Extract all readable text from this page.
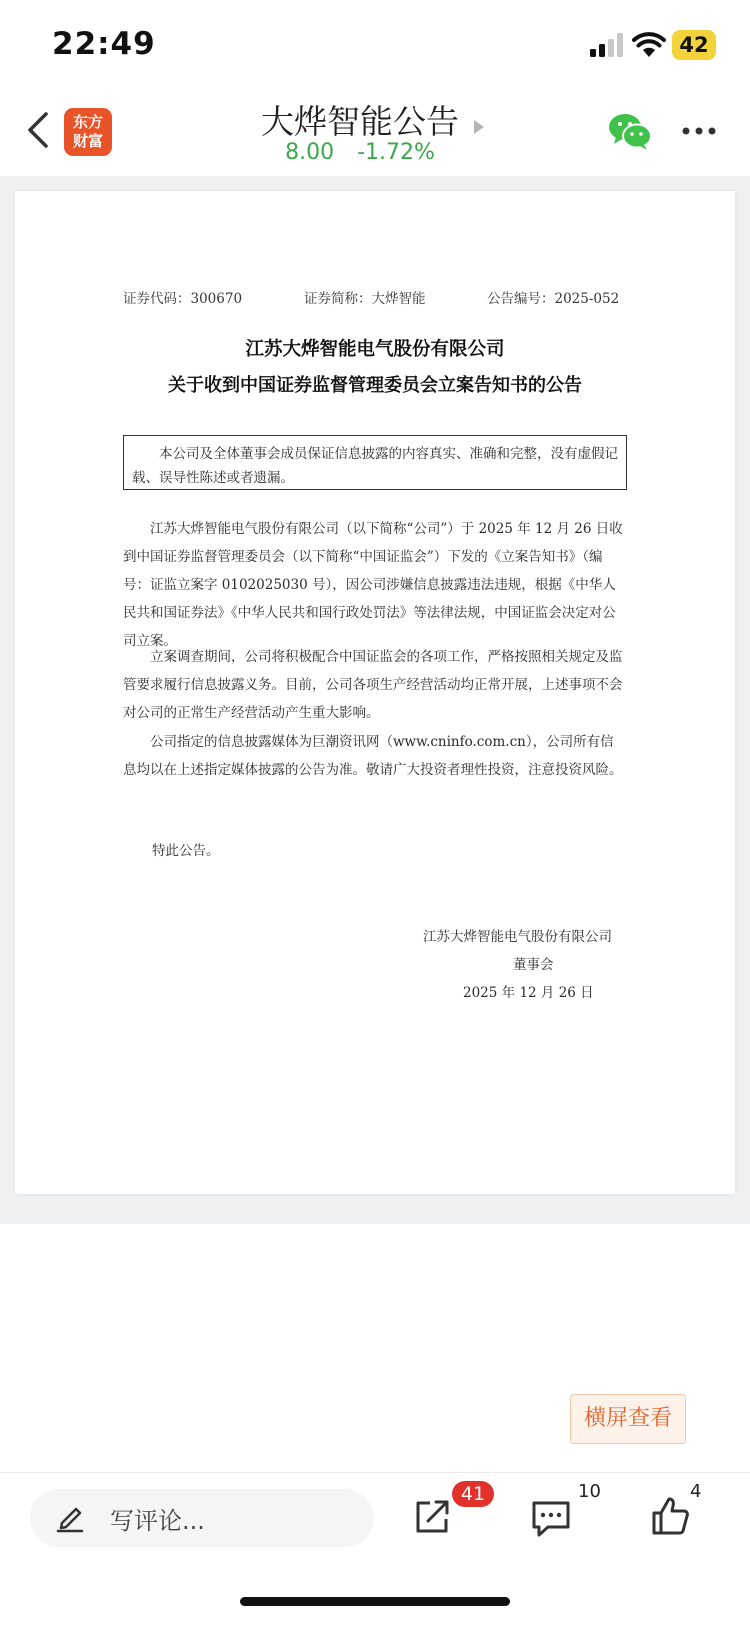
22:49	42
东方
财富	大烨智能公告
8.00 -1.72%
证券代码：300670	证券简称：大烨智能	公告编号：2025-052
江苏大烨智能电气股份有限公司
关于收到中国证券监督管理委员会立案告知书的公告
本公司及全体董事会成员保证信息披露的内容真实、准确和完整，没有虚假记载、误导性陈述或者遗漏。
江苏大烨智能电气股份有限公司（以下简称“公司”）于 2025 年 12 月 26 日收到中国证券监督管理委员会（以下简称“中国证监会”）下发的《立案告知书》（编号：证监立案字 0102025030 号），因公司涉嫌信息披露违法违规，根据《中华人民共和国证券法》《中华人民共和国行政处罚法》等法律法规，中国证监会决定对公司立案。
立案调查期间，公司将积极配合中国证监会的各项工作，严格按照相关规定及监管要求履行信息披露义务。目前，公司各项生产经营活动均正常开展，上述事项不会对公司的正常生产经营活动产生重大影响。
公司指定的信息披露媒体为巨潮资讯网（www.cninfo.com.cn），公司所有信息均以在上述指定媒体披露的公告为准。敬请广大投资者理性投资，注意投资风险。
特此公告。
江苏大烨智能电气股份有限公司
董事会
2025 年 12 月 26 日
横屏查看
写评论...
41	10	4
